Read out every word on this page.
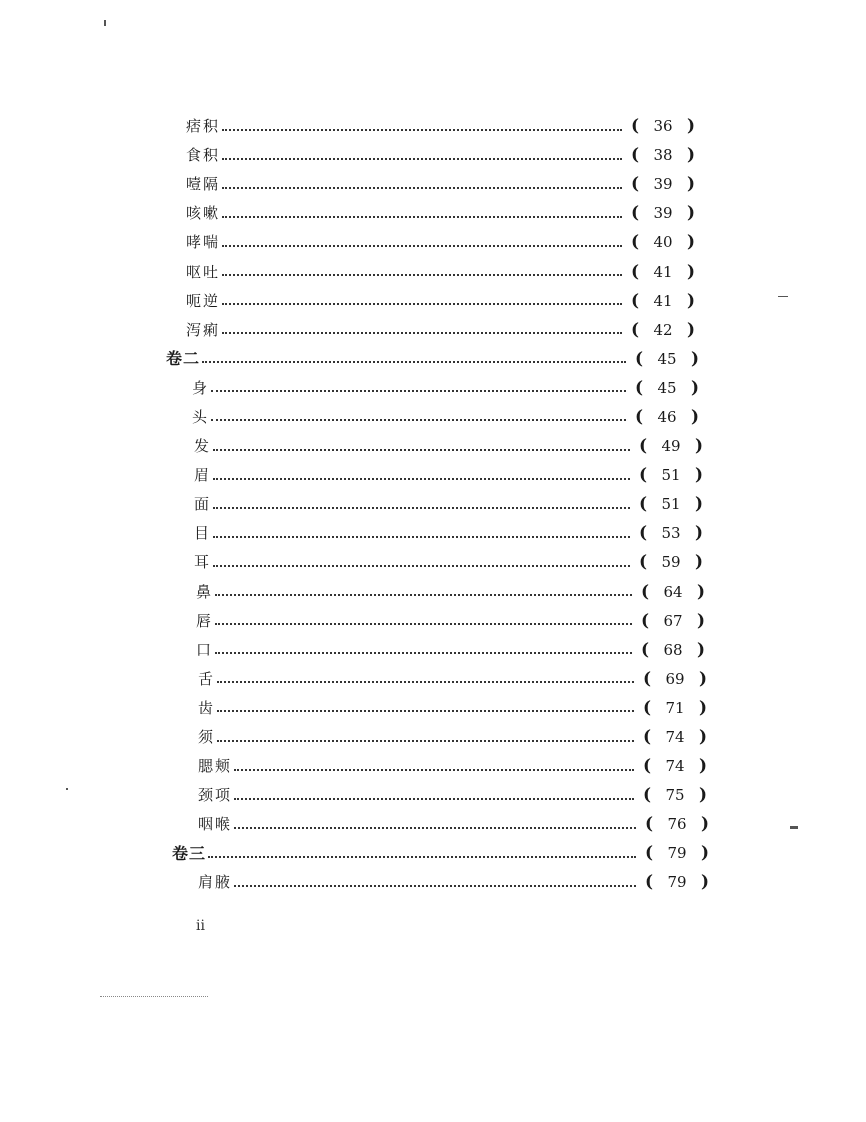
痞积	( 36 )
食积	( 38 )
噎隔	( 39 )
咳嗽	( 39 )
哮喘	( 40 )
呕吐	( 41 )
呃逆	( 41 )
泻痢	( 42 )
卷二	( 45 )
身	( 45 )
头	( 46 )
发	( 49 )
眉	( 51 )
面	( 51 )
目	( 53 )
耳	( 59 )
鼻	( 64 )
唇	( 67 )
口	( 68 )
舌	( 69 )
齿	( 71 )
须	( 74 )
腮颊	( 74 )
颈项	( 75 )
咽喉	( 76 )
卷三	( 79 )
肩腋	( 79 )
ii
